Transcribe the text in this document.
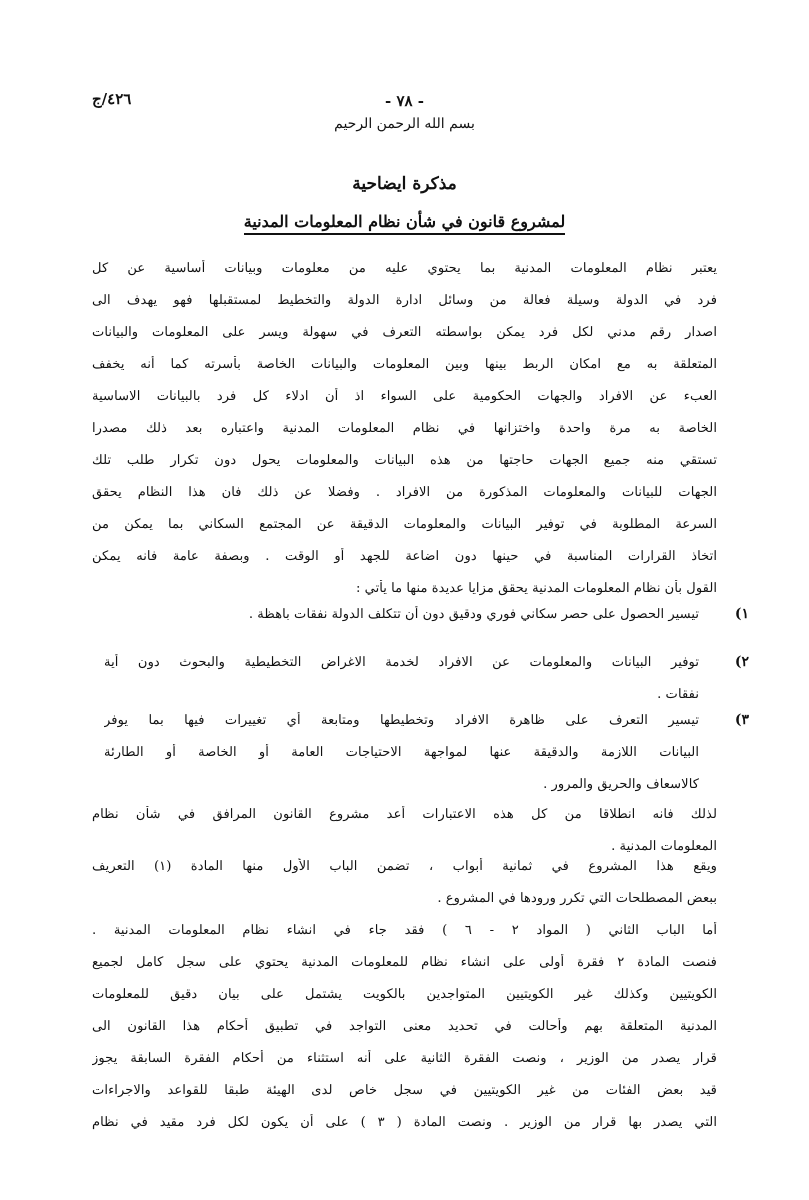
٤٢٦/ج	- ٧٨ -
بسم الله الرحمن الرحيم
مذكرة ايضاحية
لمشروع قانون في شأن نظام المعلومات المدنية
يعتبر نظام المعلومات المدنية بما يحتوي عليه من معلومات وبيانات أساسية عن كل
فرد في الدولة وسيلة فعالة من وسائل ادارة الدولة والتخطيط لمستقبلها فهو يهدف الى
اصدار رقم مدني لكل فرد يمكن بواسطته التعرف في سهولة ويسر على المعلومات والبيانات
المتعلقة به مع امكان الربط بينها وبين المعلومات والبيانات الخاصة بأسرته كما أنه يخفف
العبء عن الافراد والجهات الحكومية على السواء اذ أن ادلاء كل فرد بالبيانات الاساسية
الخاصة به مرة واحدة واختزانها في نظام المعلومات المدنية واعتباره بعد ذلك مصدرا
تستقي منه جميع الجهات حاجتها من هذه البيانات والمعلومات يحول دون تكرار طلب تلك
الجهات للبيانات والمعلومات المذكورة من الافراد . وفضلا عن ذلك فان هذا النظام يحقق
السرعة المطلوبة في توفير البيانات والمعلومات الدقيقة عن المجتمع السكاني بما يمكن من
اتخاذ القرارات المناسبة في حينها دون اضاعة للجهد أو الوقت . وبصفة عامة فانه يمكن
القول بأن نظام المعلومات المدنية يحقق مزايا عديدة منها ما يأتي :
١)
تيسير الحصول على حصر سكاني فوري ودقيق دون أن تتكلف الدولة نفقات باهظة .
٢)
توفير البيانات والمعلومات عن الافراد لخدمة الاغراض التخطيطية والبحوث دون أية
نفقات .
٣)
تيسير التعرف على ظاهرة الافراد وتخطيطها ومتابعة أي تغييرات فيها بما يوفر
البيانات اللازمة والدقيقة عنها لمواجهة الاحتياجات العامة أو الخاصة أو الطارئة
كالاسعاف والحريق والمرور .
لذلك فانه انطلاقا من كل هذه الاعتبارات أعد مشروع القانون المرافق في شأن نظام
المعلومات المدنية .
ويقع هذا المشروع في ثمانية أبواب ، تضمن الباب الأول منها المادة (١) التعريف
ببعض المصطلحات التي تكرر ورودها في المشروع .
أما الباب الثاني ( المواد ٢ - ٦ ) فقد جاء في انشاء نظام المعلومات المدنية .
فنصت المادة ٢ فقرة أولى على انشاء نظام للمعلومات المدنية يحتوي على سجل كامل لجميع
الكويتيين وكذلك غير الكويتيين المتواجدين بالكويت يشتمل على بيان دقيق للمعلومات
المدنية المتعلقة بهم وأحالت في تحديد معنى التواجد في تطبيق أحكام هذا القانون الى
قرار يصدر من الوزير ، ونصت الفقرة الثانية على أنه استثناء من أحكام الفقرة السابقة يجوز
قيد بعض الفئات من غير الكويتيين في سجل خاص لدى الهيئة طبقا للقواعد والاجراءات
التي يصدر بها قرار من الوزير . ونصت المادة ( ٣ ) على أن يكون لكل فرد مقيد في نظام
